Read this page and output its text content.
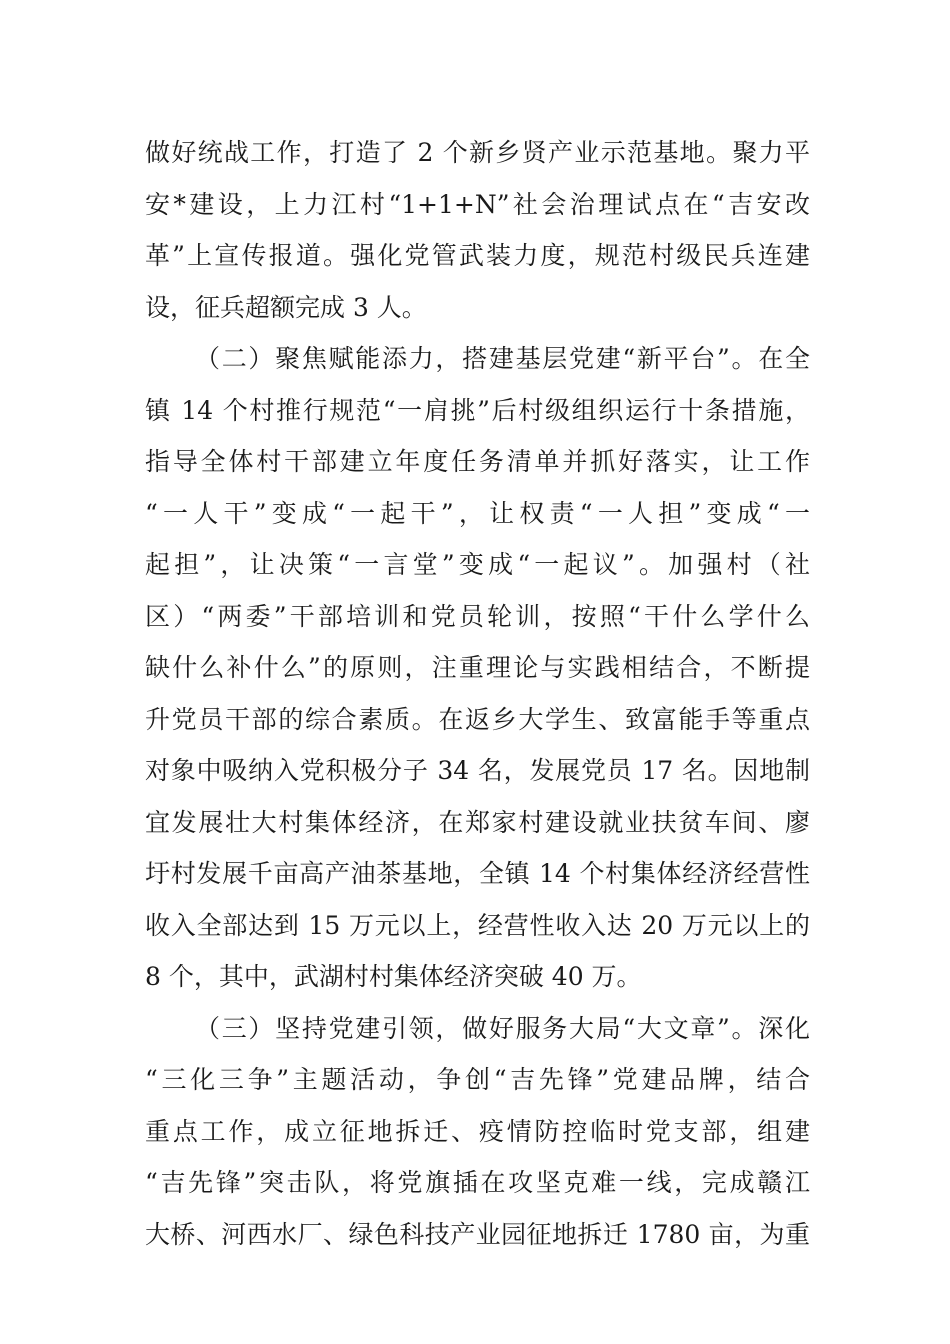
做好统战工作，打造了 2 个新乡贤产业示范基地。聚力平
安*建设，上力江村“1+1+N”社会治理试点在“吉安改
革”上宣传报道。强化党管武装力度，规范村级民兵连建
设，征兵超额完成 3 人。
（二）聚焦赋能添力，搭建基层党建“新平台”。在全
镇 14 个村推行规范“一肩挑”后村级组织运行十条措施，
指导全体村干部建立年度任务清单并抓好落实，让工作
“一人干”变成“一起干”，让权责“一人担”变成“一
起担”，让决策“一言堂”变成“一起议”。加强村（社
区）“两委”干部培训和党员轮训，按照“干什么学什么
缺什么补什么”的原则，注重理论与实践相结合，不断提
升党员干部的综合素质。在返乡大学生、致富能手等重点
对象中吸纳入党积极分子 34 名，发展党员 17 名。因地制
宜发展壮大村集体经济，在郑家村建设就业扶贫车间、廖
圩村发展千亩高产油茶基地，全镇 14 个村集体经济经营性
收入全部达到 15 万元以上，经营性收入达 20 万元以上的
8 个，其中，武湖村村集体经济突破 40 万。
（三）坚持党建引领，做好服务大局“大文章”。深化
“三化三争”主题活动，争创“吉先锋”党建品牌，结合
重点工作，成立征地拆迁、疫情防控临时党支部，组建
“吉先锋”突击队，将党旗插在攻坚克难一线，完成赣江
大桥、河西水厂、绿色科技产业园征地拆迁 1780 亩，为重
